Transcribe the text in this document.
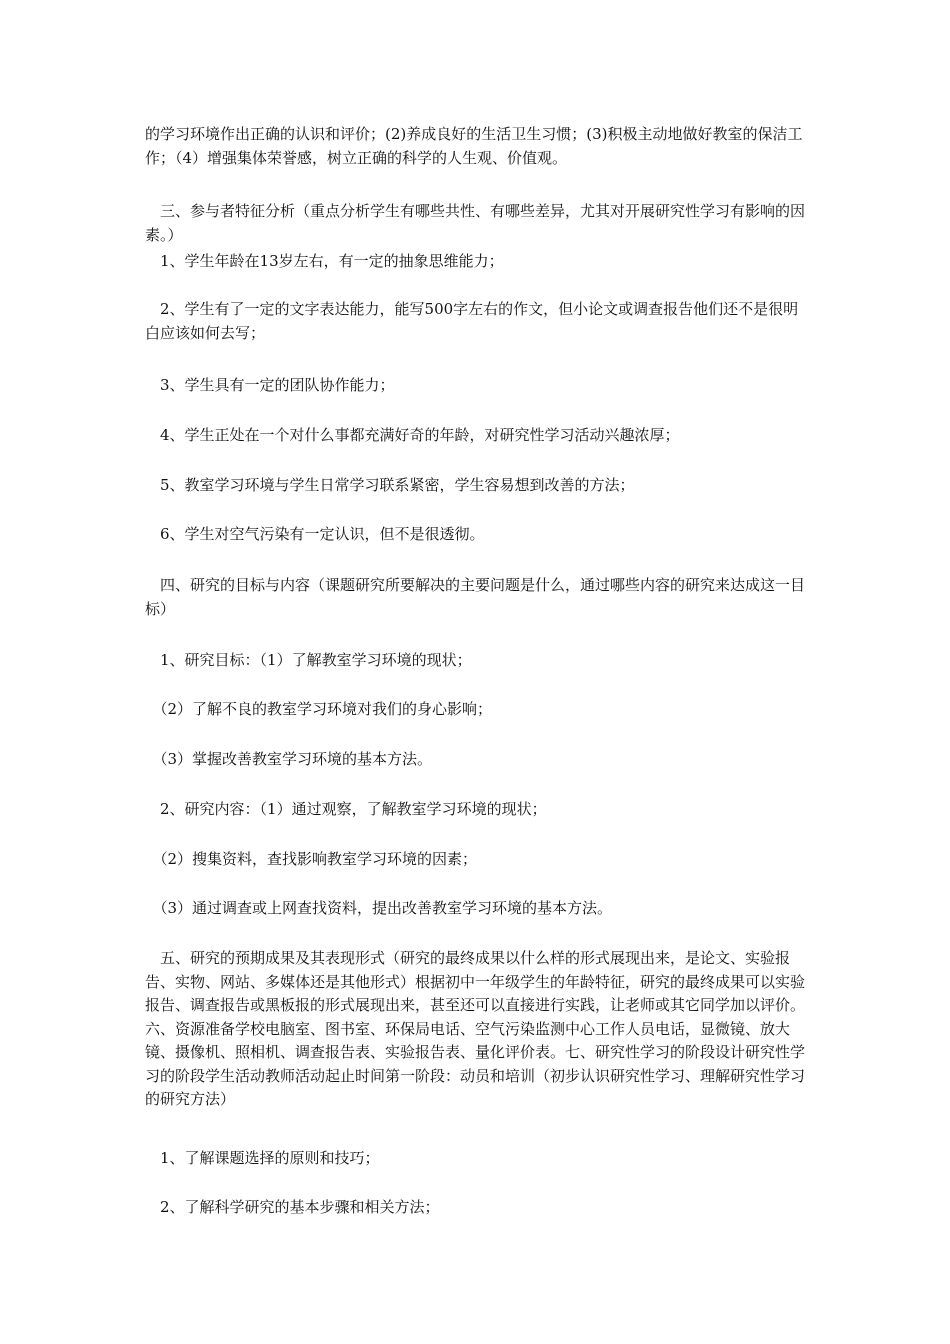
的学习环境作出正确的认识和评价；(2)养成良好的生活卫生习惯；(3)积极主动地做好教室的保洁工作；（4）增强集体荣誉感，树立正确的科学的人生观、价值观。

　三、参与者特征分析（重点分析学生有哪些共性、有哪些差异，尤其对开展研究性学习有影响的因素。）

　1、学生年龄在13岁左右，有一定的抽象思维能力；

　2、学生有了一定的文字表达能力，能写500字左右的作文，但小论文或调查报告他们还不是很明白应该如何去写；

　3、学生具有一定的团队协作能力；

　4、学生正处在一个对什么事都充满好奇的年龄，对研究性学习活动兴趣浓厚；

　5、教室学习环境与学生日常学习联系紧密，学生容易想到改善的方法；

　6、学生对空气污染有一定认识，但不是很透彻。

　四、研究的目标与内容（课题研究所要解决的主要问题是什么，通过哪些内容的研究来达成这一目标）

　1、研究目标：（1）了解教室学习环境的现状；

　（2）了解不良的教室学习环境对我们的身心影响；

　（3）掌握改善教室学习环境的基本方法。

　2、研究内容：（1）通过观察，了解教室学习环境的现状；

　（2）搜集资料，查找影响教室学习环境的因素；

　（3）通过调查或上网查找资料，提出改善教室学习环境的基本方法。

　五、研究的预期成果及其表现形式（研究的最终成果以什么样的形式展现出来，是论文、实验报告、实物、网站、多媒体还是其他形式）根据初中一年级学生的年龄特征，研究的最终成果可以实验报告、调查报告或黑板报的形式展现出来，甚至还可以直接进行实践，让老师或其它同学加以评价。六、资源准备学校电脑室、图书室、环保局电话、空气污染监测中心工作人员电话，显微镜、放大镜、摄像机、照相机、调查报告表、实验报告表、量化评价表。七、研究性学习的阶段设计研究性学习的阶段学生活动教师活动起止时间第一阶段：动员和培训（初步认识研究性学习、理解研究性学习的研究方法）

　1、了解课题选择的原则和技巧；

　2、了解科学研究的基本步骤和相关方法；
